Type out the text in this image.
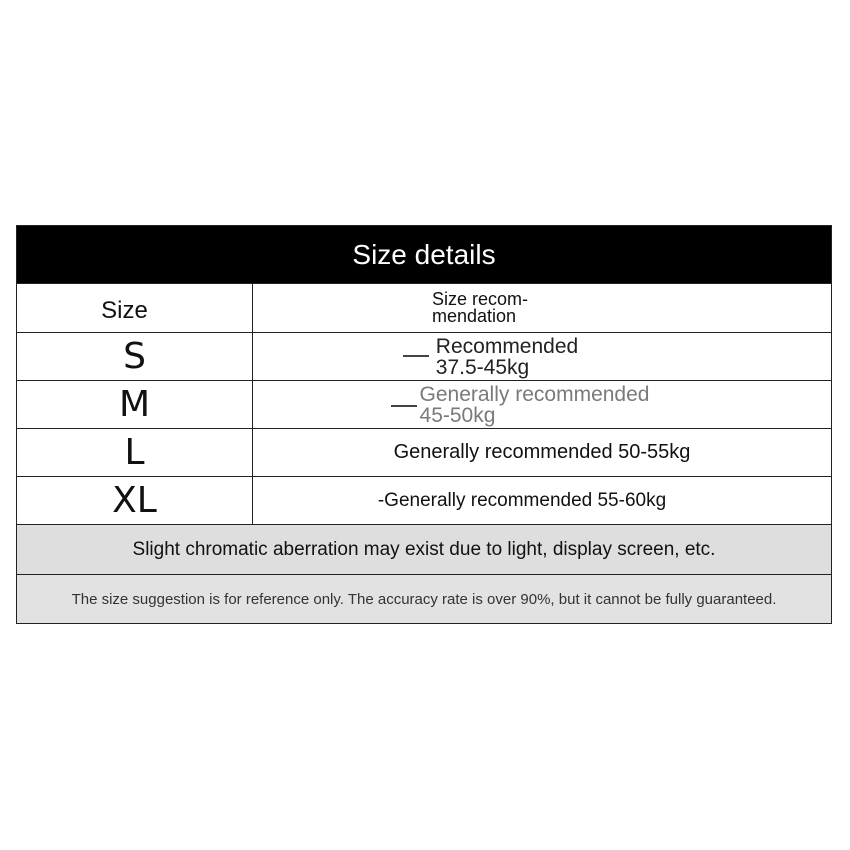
Size details
Size	Size recom- mendation
S	Recommended
37.5-45kg
M	Generally recommended
45-50kg
L	Generally recommended 50-55kg
XL	-Generally recommended 55-60kg
Slight chromatic aberration may exist due to light, display screen, etc.
The size suggestion is for reference only. The accuracy rate is over 90%, but it cannot be fully guaranteed.
